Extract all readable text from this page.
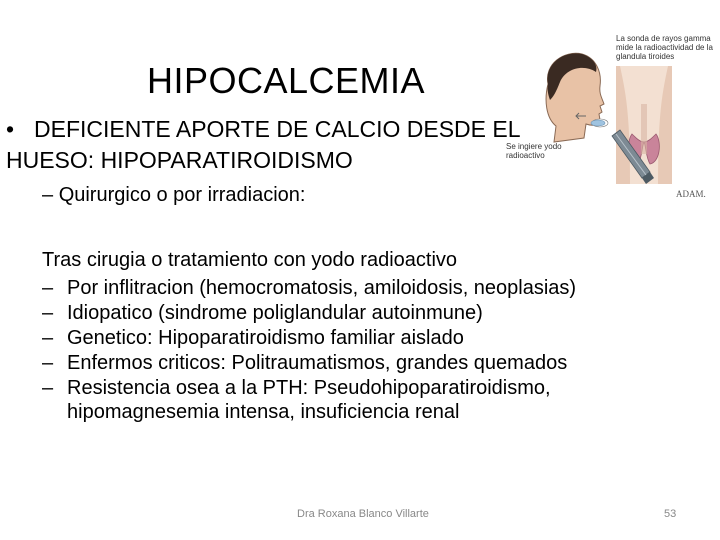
HIPOCALCEMIA
• DEFICIENTE APORTE DE CALCIO DESDE EL HUESO: HIPOPARATIROIDISMO
– Quirurgico o por irradiacion:
Tras cirugia o tratamiento con yodo radioactivo
– Por inflitracion (hemocromatosis, amiloidosis, neoplasias)
– Idiopatico (sindrome poliglandular autoinmune)
– Genetico: Hipoparatiroidismo familiar aislado
– Enfermos criticos: Politraumatismos, grandes quemados
– Resistencia osea a la PTH: Pseudohipoparatiroidismo, hipomagnesemia intensa, insuficiencia renal
La sonda de rayos gamma mide la radioactividad de la glandula tiroides
Se ingiere yodo radioactivo
ADAM.
Dra Roxana Blanco Villarte	53
